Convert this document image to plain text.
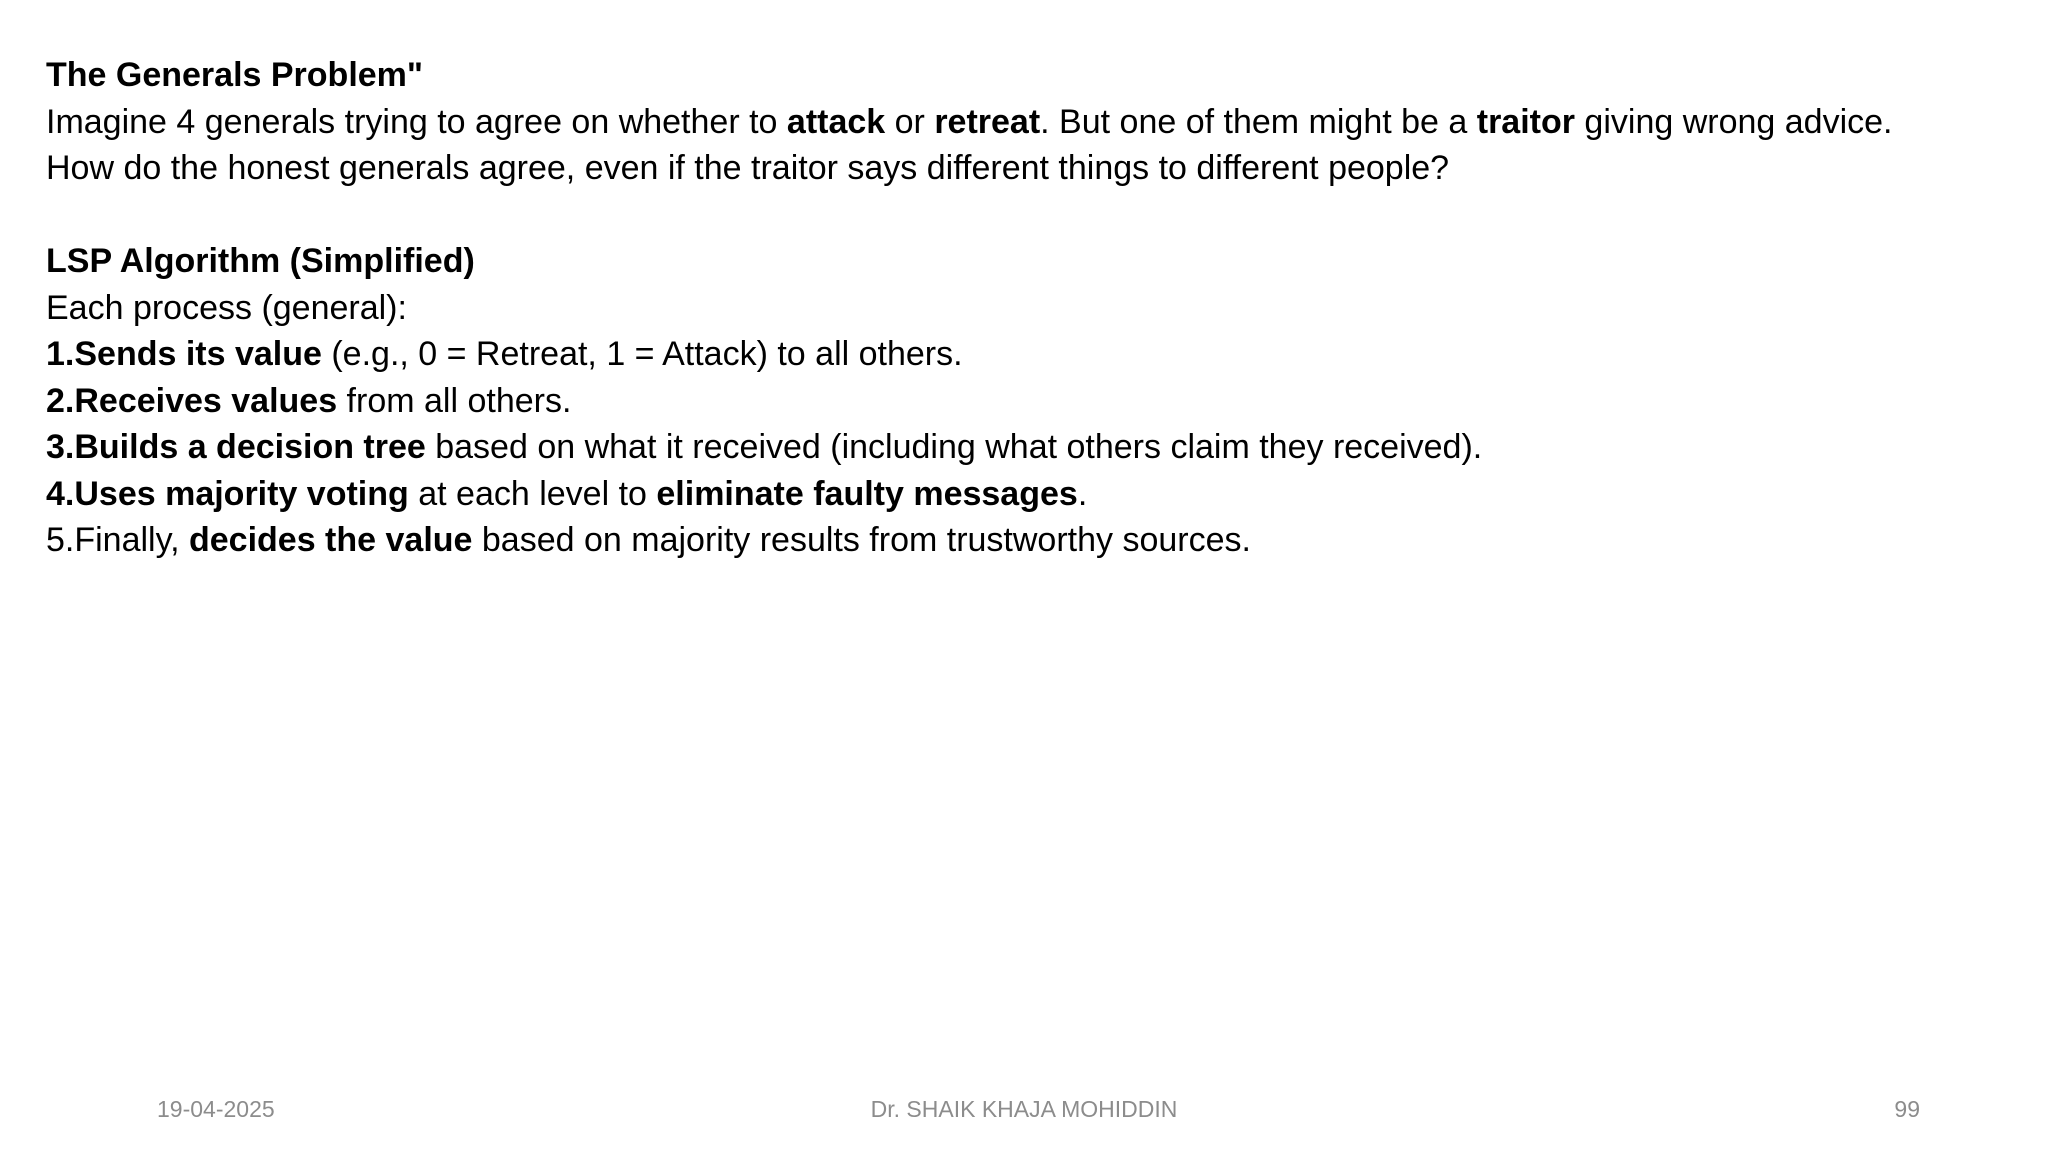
The Generals Problem"
Imagine 4 generals trying to agree on whether to attack or retreat. But one of them might be a traitor giving wrong advice.
How do the honest generals agree, even if the traitor says different things to different people?
LSP Algorithm (Simplified)
Each process (general):
1.Sends its value (e.g., 0 = Retreat, 1 = Attack) to all others.
2.Receives values from all others.
3.Builds a decision tree based on what it received (including what others claim they received).
4.Uses majority voting at each level to eliminate faulty messages.
5.Finally, decides the value based on majority results from trustworthy sources.
Dr. SHAIK KHAJA MOHIDDIN
19-04-2025	99
